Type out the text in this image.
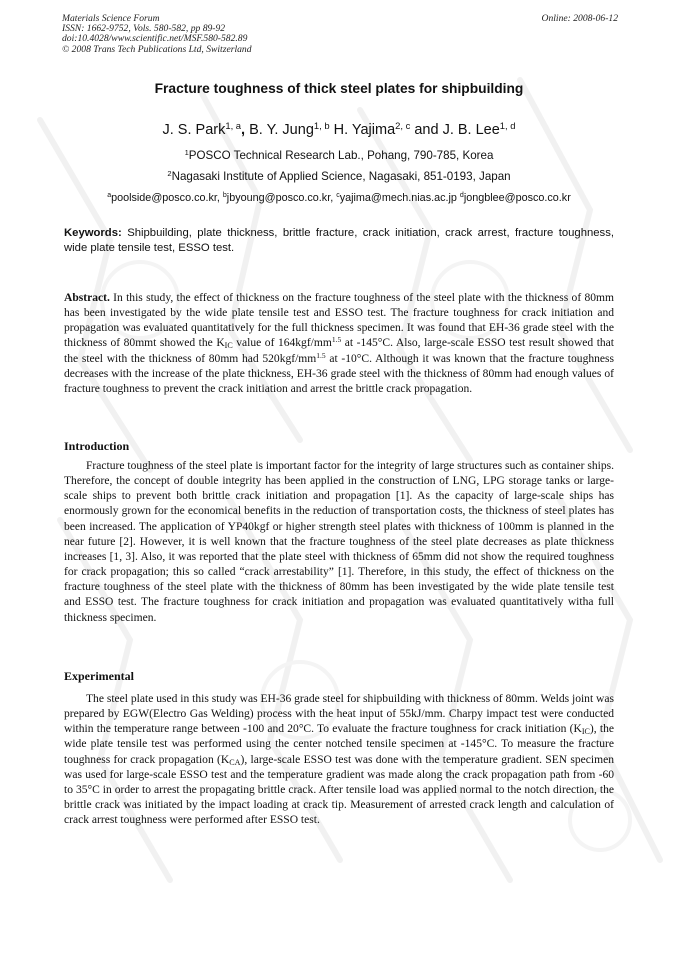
Materials Science Forum
ISSN: 1662-9752, Vols. 580-582, pp 89-92
doi:10.4028/www.scientific.net/MSF.580-582.89
© 2008 Trans Tech Publications Ltd, Switzerland
Online: 2008-06-12
Fracture toughness of thick steel plates for shipbuilding
J. S. Park$^{1, a}$, B. Y. Jung$^{1, b}$ H. Yajima$^{2, c}$ and J. B. Lee$^{1, d}$
$^1$POSCO Technical Research Lab., Pohang, 790-785, Korea
$^2$Nagasaki Institute of Applied Science, Nagasaki, 851-0193, Japan
$^a$poolside@posco.co.kr, $^b$jbyoung@posco.co.kr, $^c$yajima@mech.nias.ac.jp $^d$jongblee@posco.co.kr
Keywords: Shipbuilding, plate thickness, brittle fracture, crack initiation, crack arrest, fracture toughness, wide plate tensile test, ESSO test.
Abstract. In this study, the effect of thickness on the fracture toughness of the steel plate with the thickness of 80mm has been investigated by the wide plate tensile test and ESSO test. The fracture toughness for crack initiation and propagation was evaluated quantitatively for the full thickness specimen. It was found that EH-36 grade steel with the thickness of 80mmt showed the $K_{IC}$ value of $164kgf/mm^{1.5}$ at -145°C. Also, large-scale ESSO test result showed that the steel with the thickness of 80mm had $520kgf/mm^{1.5}$ at -10°C. Although it was known that the fracture toughness decreases with the increase of the plate thickness, EH-36 grade steel with the thickness of 80mm had enough values of fracture toughness to prevent the crack initiation and arrest the brittle crack propagation.
Introduction
Fracture toughness of the steel plate is important factor for the integrity of large structures such as container ships. Therefore, the concept of double integrity has been applied in the construction of LNG, LPG storage tanks or large-scale ships to prevent both brittle crack initiation and propagation [1]. As the capacity of large-scale ships has enormously grown for the economical benefits in the reduction of transportation costs, the thickness of steel plates has been increased. The application of YP40kgf or higher strength steel plates with thickness of 100mm is planned in the near future [2]. However, it is well known that the fracture toughness of the steel plate decreases as plate thickness increases [1, 3]. Also, it was reported that the plate steel with thickness of 65mm did not show the required toughness for crack propagation; this so called “crack arrestability” [1]. Therefore, in this study, the effect of thickness on the fracture toughness of the steel plate with the thickness of 80mm has been investigated by the wide plate tensile test and ESSO test. The fracture toughness for crack initiation and propagation was evaluated quantitatively witha full thickness specimen.
Experimental
The steel plate used in this study was EH-36 grade steel for shipbuilding with thickness of 80mm. Welds joint was prepared by EGW(Electro Gas Welding) process with the heat input of 55kJ/mm. Charpy impact test were conducted within the temperature range between -100 and 20°C. To evaluate the fracture toughness for crack initiation $(K_{IC})$, the wide plate tensile test was performed using the center notched tensile specimen at -145°C. To measure the fracture toughness for crack propagation $(K_{CA})$, large-scale ESSO test was done with the temperature gradient. SEN specimen was used for large-scale ESSO test and the temperature gradient was made along the crack propagation path from -60 to 35°C in order to arrest the propagating brittle crack. After tensile load was applied normal to the notch direction, the brittle crack was initiated by the impact loading at crack tip. Measurement of arrested crack length and calculation of crack arrest toughness were performed after ESSO test.
